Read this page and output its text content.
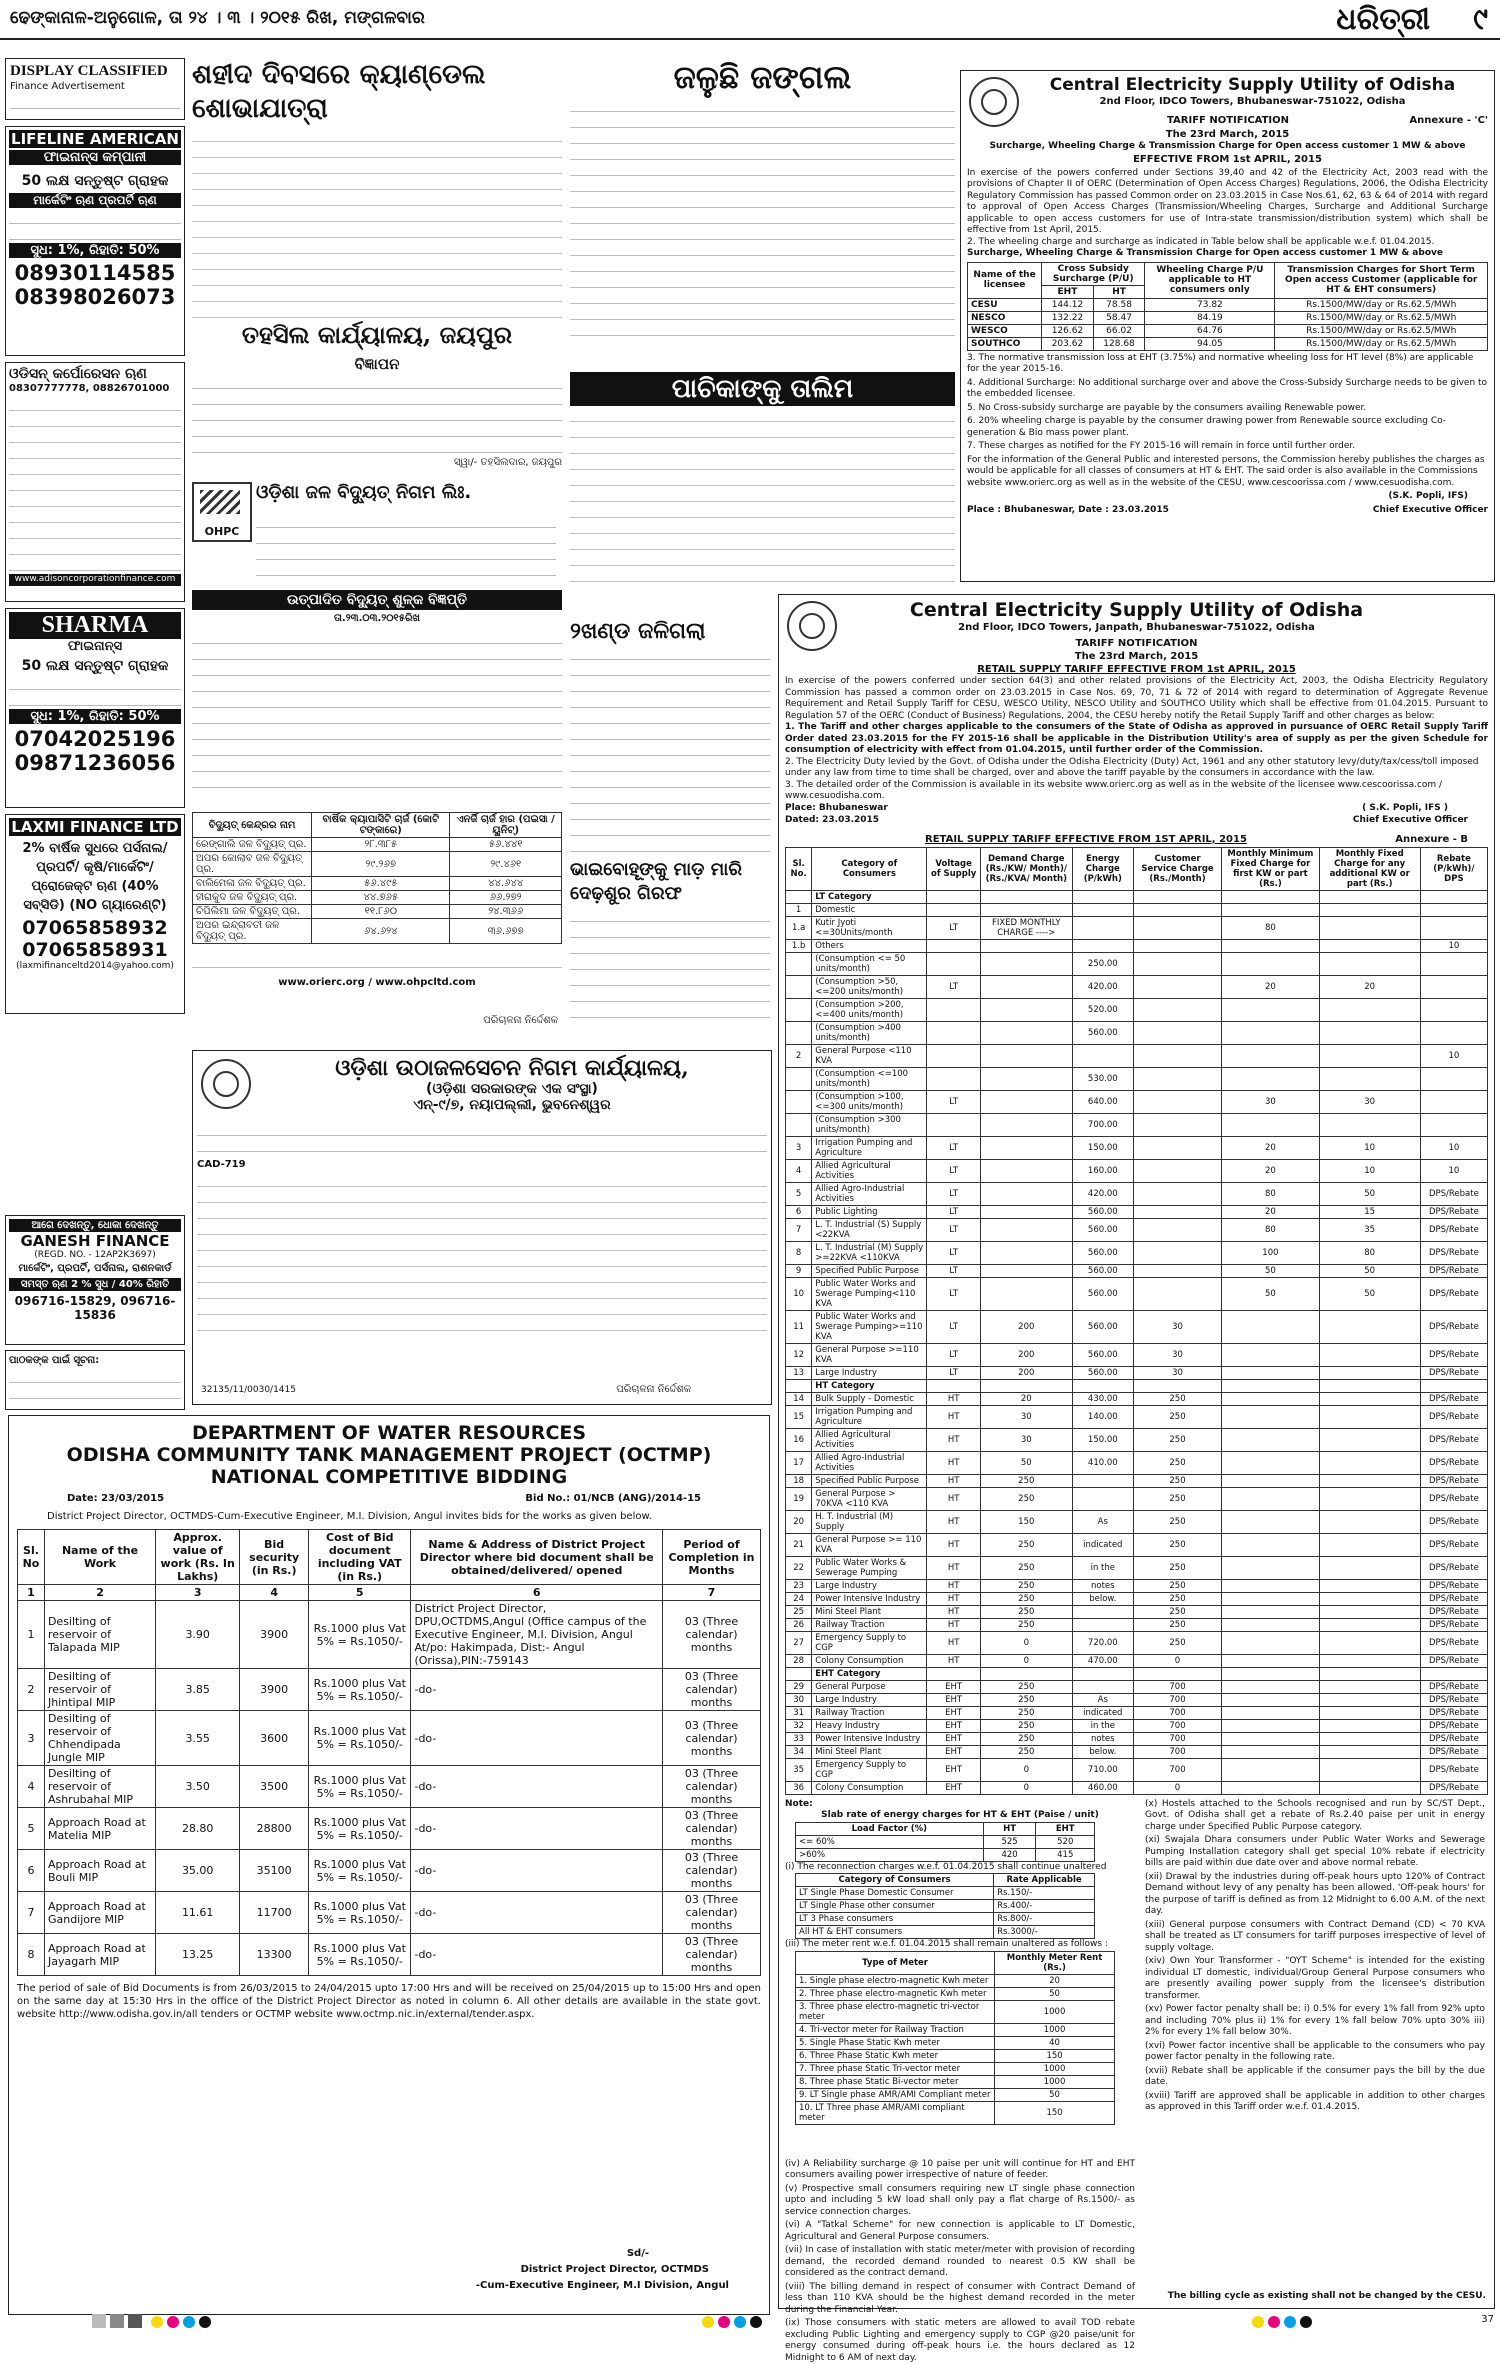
ଢେଙ୍କାନାଳ-ଅନୁଗୋଳ, ତା ୨୪ । ୩ । ୨୦୧୫ ରିଖ, ମଙ୍ଗଳବାର	ଧରିତ୍ରୀ ୯
DISPLAY CLASSIFIED
Finance Advertisement
LIFELINE AMERICAN
ଫାଇନାନ୍ସ କମ୍ପାନୀ
50 ଲକ୍ଷ ସନ୍ତୁଷ୍ଟ ଗ୍ରାହକ
ମାର୍କେଟିଂ ଋଣ ପ୍ରପର୍ଟି ଋଣ
ସୁଧ: 1%, ରିହାତି: 50%
08930114585
08398026073
ଓଡିସନ୍ କର୍ପୋରେସନ ଋଣ
08307777778, 08826701000
www.adisoncorporationfinance.com
SHARMA
ଫାଇନାନ୍ସ
50 ଲକ୍ଷ ସନ୍ତୁଷ୍ଟ ଗ୍ରାହକ
ସୁଧ: 1%, ରିହାତି: 50%
07042025196
09871236056
LAXMI FINANCE LTD
2% ବାର୍ଷିକ ସୁଧରେ ପର୍ସନାଲ/ପ୍ରପର୍ଟି/ କୃଷି/ମାର୍କେଟିଂ/ପ୍ରୋଜେକ୍ଟ ଋଣ (40% ସବ୍‌ସିଡି) (NO ଗ୍ୟାରେଣ୍ଟି)
07065858932
07065858931
(laxmifinanceltd2014@yahoo.com)
ଆଗେ ଦେଖନ୍ତୁ, ଧୋକା ଦେଖନ୍ତୁ
GANESH FINANCE
(REGD. NO. - 12AP2K3697)
ମାର୍କେଟିଂ, ପ୍ରପର୍ଟି, ପର୍ସନାଲ, ରାଶନକାର୍ଡ
ସମସ୍ତ ଋଣ 2 % ସୁଧ / 40% ରିହାତି
096716-15829, 096716-15836
ପାଠକଙ୍କ ପାଇଁ ସୂଚନା:
ଶହୀଦ ଦିବସରେ କ୍ୟାଣ୍ଡେଲ ଶୋଭାଯାତ୍ରା
ତହସିଲ କାର୍ଯ୍ୟାଳୟ, ଜୟପୁର
ବିଜ୍ଞାପନ
ସ୍ୱା/- ତହସିଲଦାର, ଜୟପୁର
OHPC
ଓଡ଼ିଶା ଜଳ ବିଦ୍ୟୁତ୍ ନିଗମ ଲିଃ.
ଉତ୍ପାଦିତ ବିଦ୍ୟୁତ୍ ଶୁଳ୍କ ବିଜ୍ଞପ୍ତି
ତା.୨୩.୦୩.୨୦୧୫ରିଖ
ବିଦ୍ୟୁତ୍ କେନ୍ଦ୍ରର ନାମ	ବାର୍ଷିକ କ୍ୟାପାସିଟି ଚାର୍ଜ (କୋଟି ଟଙ୍କାରେ)	ଏନର୍ଜି ଚାର୍ଜ ହାର (ପଇସା / ୟୁନିଟ୍)
ରେଙ୍ଗାଲି ଜଳ ବିଦ୍ୟୁତ୍ ପ୍ର.	୨୮.୩୮୫	୫୬.୪୪୧
ଅପର କୋଲାବ ଜଳ ବିଦ୍ୟୁତ୍ ପ୍ର.	୨୯.୨୬୭	୨୯.୪୬୧
ବାଲିମେଳା ଜଳ ବିଦ୍ୟୁତ୍ ପ୍ର.	୫୬.୪୯୫	୪୪.୬୪୪
ହୀରାକୁଦ ଜଳ ବିଦ୍ୟୁତ୍ ପ୍ର.	୪୪.୭୬୫	୬୬.୨୭୨
ଚିପିଲିମା ଜଳ ବିଦ୍ୟୁତ୍ ପ୍ର.	୧୧.୮୬୦	୨୪.୩୬୬
ଅପର ଇନ୍ଦ୍ରାବତୀ ଜଳ ବିଦ୍ୟୁତ୍ ପ୍ର.	୬୪.୬୨୪	୩୬.୬୭୭
www.orierc.org / www.ohpcltd.com
ପରିଚାଳନା ନିର୍ଦ୍ଦେଶକ
ଓଡ଼ିଶା ଉଠାଜଳସେଚନ ନିଗମ କାର୍ଯ୍ୟାଳୟ,
(ଓଡ଼ିଶା ସରକାରଙ୍କ ଏକ ସଂସ୍ଥା)
ଏନ୍-୯/୭, ନୟାପଲ୍ଲୀ, ଭୁବନେଶ୍ୱର
CAD-719
32135/11/0030/1415	ପରିଚାଳନା ନିର୍ଦ୍ଦେଶକ
ଜଳୁଛି ଜଙ୍ଗଲ
ପାଚିକାଙ୍କୁ ତାଲିମ
୨ଖଣ୍ଡ ଜଳିଗଲା
ଭାଇବୋହୂଙ୍କୁ ମାଡ଼ ମାରି ଦେଢ଼ଶୁର ଗିରଫ
Central Electricity Supply Utility of Odisha
2nd Floor, IDCO Towers, Bhubaneswar-751022, Odisha
TARIFF NOTIFICATION	Annexure - 'C'
The 23rd March, 2015
Surcharge, Wheeling Charge & Transmission Charge for Open access customer 1 MW & above
EFFECTIVE FROM 1st APRIL, 2015
In exercise of the powers conferred under Sections 39,40 and 42 of the Electricity Act, 2003 read with the provisions of Chapter II of OERC (Determination of Open Access Charges) Regulations, 2006, the Odisha Electricity Regulatory Commission has passed Common order on 23.03.2015 in Case Nos.61, 62, 63 & 64 of 2014 with regard to approval of Open Access Charges (Transmission/Wheeling Charges, Surcharge and Additional Surcharge applicable to open access customers for use of Intra-state transmission/distribution system) which shall be effective from 1st April, 2015.
2. The wheeling charge and surcharge as indicated in Table below shall be applicable w.e.f. 01.04.2015.
Surcharge, Wheeling Charge & Transmission Charge for Open access customer 1 MW & above
Name of the licensee	Cross Subsidy Surcharge (P/U)		Wheeling Charge P/U applicable to HT consumers only	Transmission Charges for Short Term Open access Customer (applicable for HT & EHT consumers)
	EHT	HT		
CESU	144.12	78.58	73.82	Rs.1500/MW/day or Rs.62.5/MWh
NESCO	132.22	58.47	84.19	Rs.1500/MW/day or Rs.62.5/MWh
WESCO	126.62	66.02	64.76	Rs.1500/MW/day or Rs.62.5/MWh
SOUTHCO	203.62	128.68	94.05	Rs.1500/MW/day or Rs.62.5/MWh
3. The normative transmission loss at EHT (3.75%) and normative wheeling loss for HT level (8%) are applicable for the year 2015-16.
4. Additional Surcharge: No additional surcharge over and above the Cross-Subsidy Surcharge needs to be given to the embedded licensee.
5. No Cross-subsidy surcharge are payable by the consumers availing Renewable power.
6. 20% wheeling charge is payable by the consumer drawing power from Renewable source excluding Co-generation & Bio mass power plant.
7. These charges as notified for the FY 2015-16 will remain in force until further order.
For the information of the General Public and interested persons, the Commission hereby publishes the charges as would be applicable for all classes of consumers at HT & EHT. The said order is also available in the Commissions website www.orierc.org as well as in the website of the CESU, www.cescoorissa.com / www.cesuodisha.com.
(S.K. Popli, IFS)
Place : Bhubaneswar, Date : 23.03.2015	Chief Executive Officer
Central Electricity Supply Utility of Odisha
2nd Floor, IDCO Towers, Janpath, Bhubaneswar-751022, Odisha
TARIFF NOTIFICATION
The 23rd March, 2015
RETAIL SUPPLY TARIFF EFFECTIVE FROM 1st APRIL, 2015
In exercise of the powers conferred under section 64(3) and other related provisions of the Electricity Act, 2003, the Odisha Electricity Regulatory Commission has passed a common order on 23.03.2015 in Case Nos. 69, 70, 71 & 72 of 2014 with regard to determination of Aggregate Revenue Requirement and Retail Supply Tariff for CESU, WESCO Utility, NESCO Utility and SOUTHCO Utility which shall be effective from 01.04.2015. Pursuant to Regulation 57 of the OERC (Conduct of Business) Regulations, 2004, the CESU hereby notify the Retail Supply Tariff and other charges as below:
1. The Tariff and other charges applicable to the consumers of the State of Odisha as approved in pursuance of OERC Retail Supply Tariff Order dated 23.03.2015 for the FY 2015-16 shall be applicable in the Distribution Utility's area of supply as per the given Schedule for consumption of electricity with effect from 01.04.2015, until further order of the Commission.
2. The Electricity Duty levied by the Govt. of Odisha under the Odisha Electricity (Duty) Act, 1961 and any other statutory levy/duty/tax/cess/toll imposed under any law from time to time shall be charged, over and above the tariff payable by the consumers in accordance with the law.
3. The detailed order of the Commission is available in its website www.orierc.org as well as in the website of the licensee www.cescoorissa.com / www.cesuodisha.com.
Place: Bhubaneswar
Dated: 23.03.2015
( S.K. Popli, IFS )
Chief Executive Officer
RETAIL SUPPLY TARIFF EFFECTIVE FROM 1ST APRIL, 2015	Annexure - B
Sl. No.	Category of Consumers	Voltage of Supply	Demand Charge (Rs./KW/ Month)/ (Rs./KVA/ Month)	Energy Charge (P/kWh)	Customer Service Charge (Rs./Month)	Monthly Minimum Fixed Charge for first KW or part (Rs.)	Monthly Fixed Charge for any additional KW or part (Rs.)	Rebate (P/kWh)/ DPS
	LT Category							
1	Domestic							
1.a	Kutir Jyoti <=30Units/month	LT	FIXED MONTHLY CHARGE ---->			80		
1.b	Others							10
	(Consumption <= 50 units/month)			250.00				
	(Consumption >50, <=200 units/month)	LT		420.00		20	20	
	(Consumption >200, <=400 units/month)			520.00				
	(Consumption >400 units/month)			560.00				
2	General Purpose <110 KVA							10
	(Consumption <=100 units/month)			530.00				
	(Consumption >100, <=300 units/month)	LT		640.00		30	30	
	(Consumption >300 units/month)			700.00				
3	Irrigation Pumping and Agriculture	LT		150.00		20	10	10
4	Allied Agricultural Activities	LT		160.00		20	10	10
5	Allied Agro-Industrial Activities	LT		420.00		80	50	DPS/Rebate
6	Public Lighting	LT		560.00		20	15	DPS/Rebate
7	L. T. Industrial (S) Supply <22KVA	LT		560.00		80	35	DPS/Rebate
8	L. T. Industrial (M) Supply >=22KVA <110KVA	LT		560.00		100	80	DPS/Rebate
9	Specified Public Purpose	LT		560.00		50	50	DPS/Rebate
10	Public Water Works and Swerage Pumping<110 KVA	LT		560.00		50	50	DPS/Rebate
11	Public Water Works and Swerage Pumping>=110 KVA	LT	200	560.00	30			DPS/Rebate
12	General Purpose >=110 KVA	LT	200	560.00	30			DPS/Rebate
13	Large Industry	LT	200	560.00	30			DPS/Rebate
	HT Category							
14	Bulk Supply - Domestic	HT	20	430.00	250			DPS/Rebate
15	Irrigation Pumping and Agriculture	HT	30	140.00	250			DPS/Rebate
16	Allied Agricultural Activities	HT	30	150.00	250			DPS/Rebate
17	Allied Agro-Industrial Activities	HT	50	410.00	250			DPS/Rebate
18	Specified Public Purpose	HT	250		250			DPS/Rebate
19	General Purpose > 70KVA <110 KVA	HT	250		250			DPS/Rebate
20	H. T. Industrial (M) Supply	HT	150	As	250			DPS/Rebate
21	General Purpose >= 110 KVA	HT	250	indicated	250			DPS/Rebate
22	Public Water Works & Sewerage Pumping	HT	250	in the	250			DPS/Rebate
23	Large Industry	HT	250	notes	250			DPS/Rebate
24	Power Intensive Industry	HT	250	below.	250			DPS/Rebate
25	Mini Steel Plant	HT	250		250			DPS/Rebate
26	Railway Traction	HT	250		250			DPS/Rebate
27	Emergency Supply to CGP	HT	0	720.00	250			DPS/Rebate
28	Colony Consumption	HT	0	470.00	0			DPS/Rebate
	EHT Category							
29	General Purpose	EHT	250		700			DPS/Rebate
30	Large Industry	EHT	250	As	700			DPS/Rebate
31	Railway Traction	EHT	250	indicated	700			DPS/Rebate
32	Heavy Industry	EHT	250	in the	700			DPS/Rebate
33	Power Intensive Industry	EHT	250	notes	700			DPS/Rebate
34	Mini Steel Plant	EHT	250	below.	700			DPS/Rebate
35	Emergency Supply to CGP	EHT	0	710.00	700			DPS/Rebate
36	Colony Consumption	EHT	0	460.00	0			DPS/Rebate
Note:
Slab rate of energy charges for HT & EHT (Paise / unit)
Load Factor (%)	HT	EHT
<= 60%	525	520
>60%	420	415
(i) The reconnection charges w.e.f. 01.04.2015 shall continue unaltered
Category of Consumers	Rate Applicable
LT Single Phase Domestic Consumer	Rs.150/-
LT Single Phase other consumer	Rs.400/-
LT 3 Phase consumers	Rs.800/-
All HT & EHT consumers	Rs.3000/-
(iii) The meter rent w.e.f. 01.04.2015 shall remain unaltered as follows :
Type of Meter	Monthly Meter Rent (Rs.)
1. Single phase electro-magnetic Kwh meter	20
2. Three phase electro-magnetic Kwh meter	50
3. Three phase electro-magnetic tri-vector meter	1000
4. Tri-vector meter for Railway Traction	1000
5. Single Phase Static Kwh meter	40
6. Three Phase Static Kwh meter	150
7. Three phase Static Tri-vector meter	1000
8. Three phase Static Bi-vector meter	1000
9. LT Single phase AMR/AMI Compliant meter	50
10. LT Three phase AMR/AMI compliant meter	150
(x) Hostels attached to the Schools recognised and run by SC/ST Dept., Govt. of Odisha shall get a rebate of Rs.2.40 paise per unit in energy charge under Specified Public Purpose category.
(xi) Swajala Dhara consumers under Public Water Works and Sewerage Pumping Installation category shall get special 10% rebate if electricity bills are paid within due date over and above normal rebate.
(xii) Drawal by the industries during off-peak hours upto 120% of Contract Demand without levy of any penalty has been allowed. 'Off-peak hours' for the purpose of tariff is defined as from 12 Midnight to 6.00 A.M. of the next day.
(xiii) General purpose consumers with Contract Demand (CD) < 70 KVA shall be treated as LT consumers for tariff purposes irrespective of level of supply voltage.
(xiv) Own Your Transformer - "OYT Scheme" is intended for the existing individual LT domestic, individual/Group General Purpose consumers who are presently availing power supply from the licensee's distribution transformer.
(xv) Power factor penalty shall be: i) 0.5% for every 1% fall from 92% upto and including 70% plus ii) 1% for every 1% fall below 70% upto 30% iii) 2% for every 1% fall below 30%.
(xvi) Power factor incentive shall be applicable to the consumers who pay power factor penalty in the following rate.
(xvii) Rebate shall be applicable if the consumer pays the bill by the due date.
(xviii) Tariff are approved shall be applicable in addition to other charges as approved in this Tariff order w.e.f. 01.4.2015.
(iv) A Reliability surcharge @ 10 paise per unit will continue for HT and EHT consumers availing power irrespective of nature of feeder.
(v) Prospective small consumers requiring new LT single phase connection upto and including 5 kW load shall only pay a flat charge of Rs.1500/- as service connection charges.
(vi) A "Tatkal Scheme" for new connection is applicable to LT Domestic, Agricultural and General Purpose consumers.
(vii) In case of installation with static meter/meter with provision of recording demand, the recorded demand rounded to nearest 0.5 KW shall be considered as the contract demand.
(viii) The billing demand in respect of consumer with Contract Demand of less than 110 KVA should be the highest demand recorded in the meter during the Financial Year.
(ix) Those consumers with static meters are allowed to avail TOD rebate excluding Public Lighting and emergency supply to CGP @20 paise/unit for energy consumed during off-peak hours i.e. the hours declared as 12 Midnight to 6 AM of next day.
The billing cycle as existing shall not be changed by the CESU.
DEPARTMENT OF WATER RESOURCES
ODISHA COMMUNITY TANK MANAGEMENT PROJECT (OCTMP)
NATIONAL COMPETITIVE BIDDING
Date: 23/03/2015	Bid No.: 01/NCB (ANG)/2014-15
District Project Director, OCTMDS-Cum-Executive Engineer, M.I. Division, Angul invites bids for the works as given below.
Sl. No	Name of the Work	Approx. value of work (Rs. In Lakhs)	Bid security (in Rs.)	Cost of Bid document including VAT (in Rs.)	Name & Address of District Project Director where bid document shall be obtained/delivered/ opened	Period of Completion in Months
1	2	3	4	5	6	7
1	Desilting of reservoir of Talapada MIP	3.90	3900	Rs.1000 plus Vat 5% = Rs.1050/-	District Project Director, DPU,OCTDMS,Angul (Office campus of the Executive Engineer, M.I. Division, Angul At/po: Hakimpada, Dist:- Angul (Orissa),PIN:-759143	03 (Three calendar) months
2	Desilting of reservoir of Jhintipal MIP	3.85	3900	Rs.1000 plus Vat 5% = Rs.1050/-	-do-	03 (Three calendar) months
3	Desilting of reservoir of Chhendipada Jungle MIP	3.55	3600	Rs.1000 plus Vat 5% = Rs.1050/-	-do-	03 (Three calendar) months
4	Desilting of reservoir of Ashrubahal MIP	3.50	3500	Rs.1000 plus Vat 5% = Rs.1050/-	-do-	03 (Three calendar) months
5	Approach Road at Matelia MIP	28.80	28800	Rs.1000 plus Vat 5% = Rs.1050/-	-do-	03 (Three calendar) months
6	Approach Road at Bouli MIP	35.00	35100	Rs.1000 plus Vat 5% = Rs.1050/-	-do-	03 (Three calendar) months
7	Approach Road at Gandijore MIP	11.61	11700	Rs.1000 plus Vat 5% = Rs.1050/-	-do-	03 (Three calendar) months
8	Approach Road at Jayagarh MIP	13.25	13300	Rs.1000 plus Vat 5% = Rs.1050/-	-do-	03 (Three calendar) months
The period of sale of Bid Documents is from 26/03/2015 to 24/04/2015 upto 17:00 Hrs and will be received on 25/04/2015 up to 15:00 Hrs and open on the same day at 15:30 Hrs in the office of the District Project Director as noted in column 6. All other details are available in the state govt. website http://www.odisha.gov.in/all tenders or OCTMP website www.octmp.nic.in/external/tender.aspx.
Sd/-
District Project Director, OCTMDS
-Cum-Executive Engineer, M.I Division, Angul

37
